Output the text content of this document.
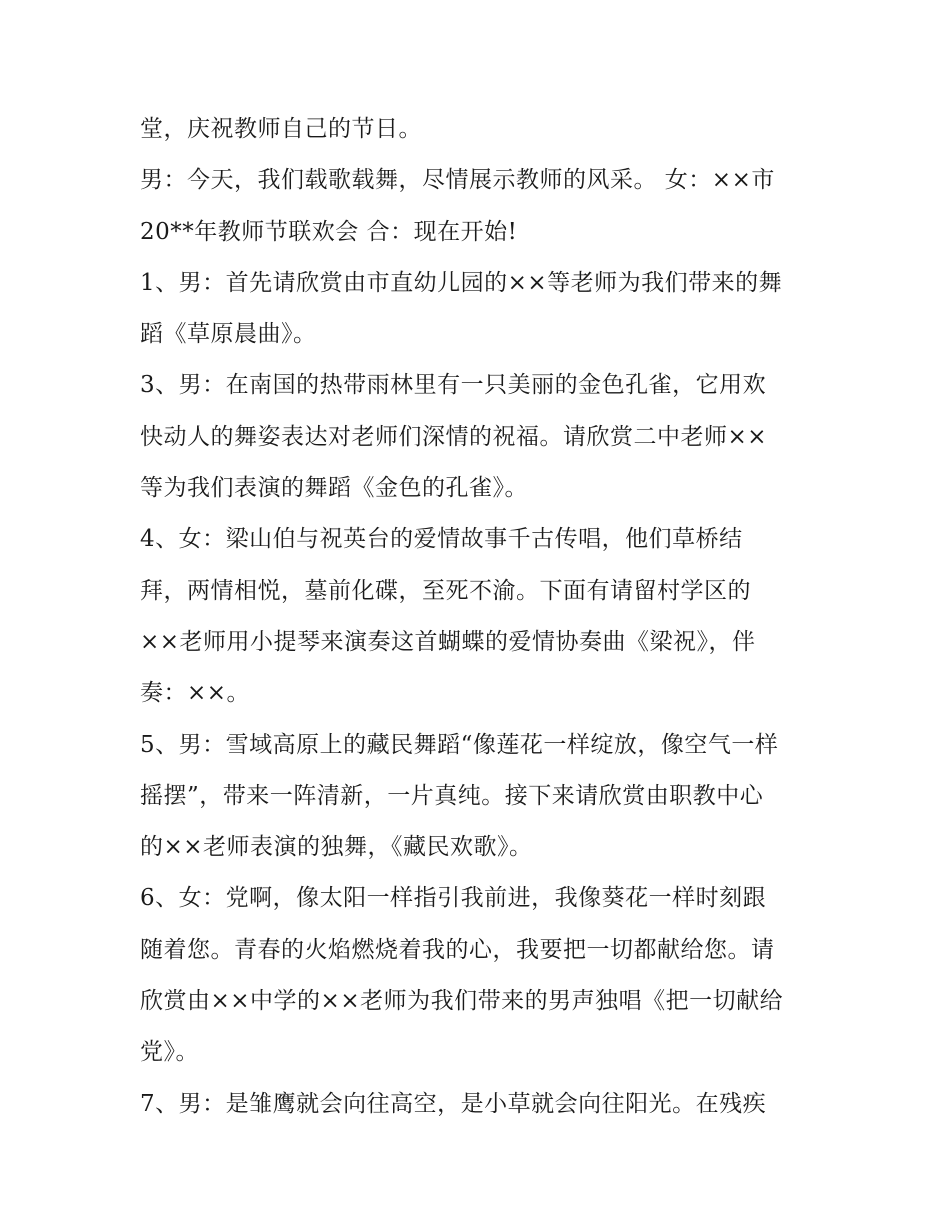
堂，庆祝教师自己的节日。
男：今天，我们载歌载舞，尽情展示教师的风采。 女：××市
20**年教师节联欢会 合：现在开始!
1、男：首先请欣赏由市直幼儿园的××等老师为我们带来的舞
蹈《草原晨曲》。
3、男：在南国的热带雨林里有一只美丽的金色孔雀，它用欢
快动人的舞姿表达对老师们深情的祝福。请欣赏二中老师××
等为我们表演的舞蹈《金色的孔雀》。
4、女：梁山伯与祝英台的爱情故事千古传唱，他们草桥结
拜，两情相悦，墓前化碟，至死不渝。下面有请留村学区的
××老师用小提琴来演奏这首蝴蝶的爱情协奏曲《梁祝》，伴
奏：××。
5、男：雪域高原上的藏民舞蹈“像莲花一样绽放，像空气一样
摇摆”，带来一阵清新，一片真纯。接下来请欣赏由职教中心
的××老师表演的独舞，《藏民欢歌》。
6、女：党啊，像太阳一样指引我前进，我像葵花一样时刻跟
随着您。青春的火焰燃烧着我的心，我要把一切都献给您。请
欣赏由××中学的××老师为我们带来的男声独唱《把一切献给
党》。
7、男：是雏鹰就会向往高空，是小草就会向往阳光。在残疾
